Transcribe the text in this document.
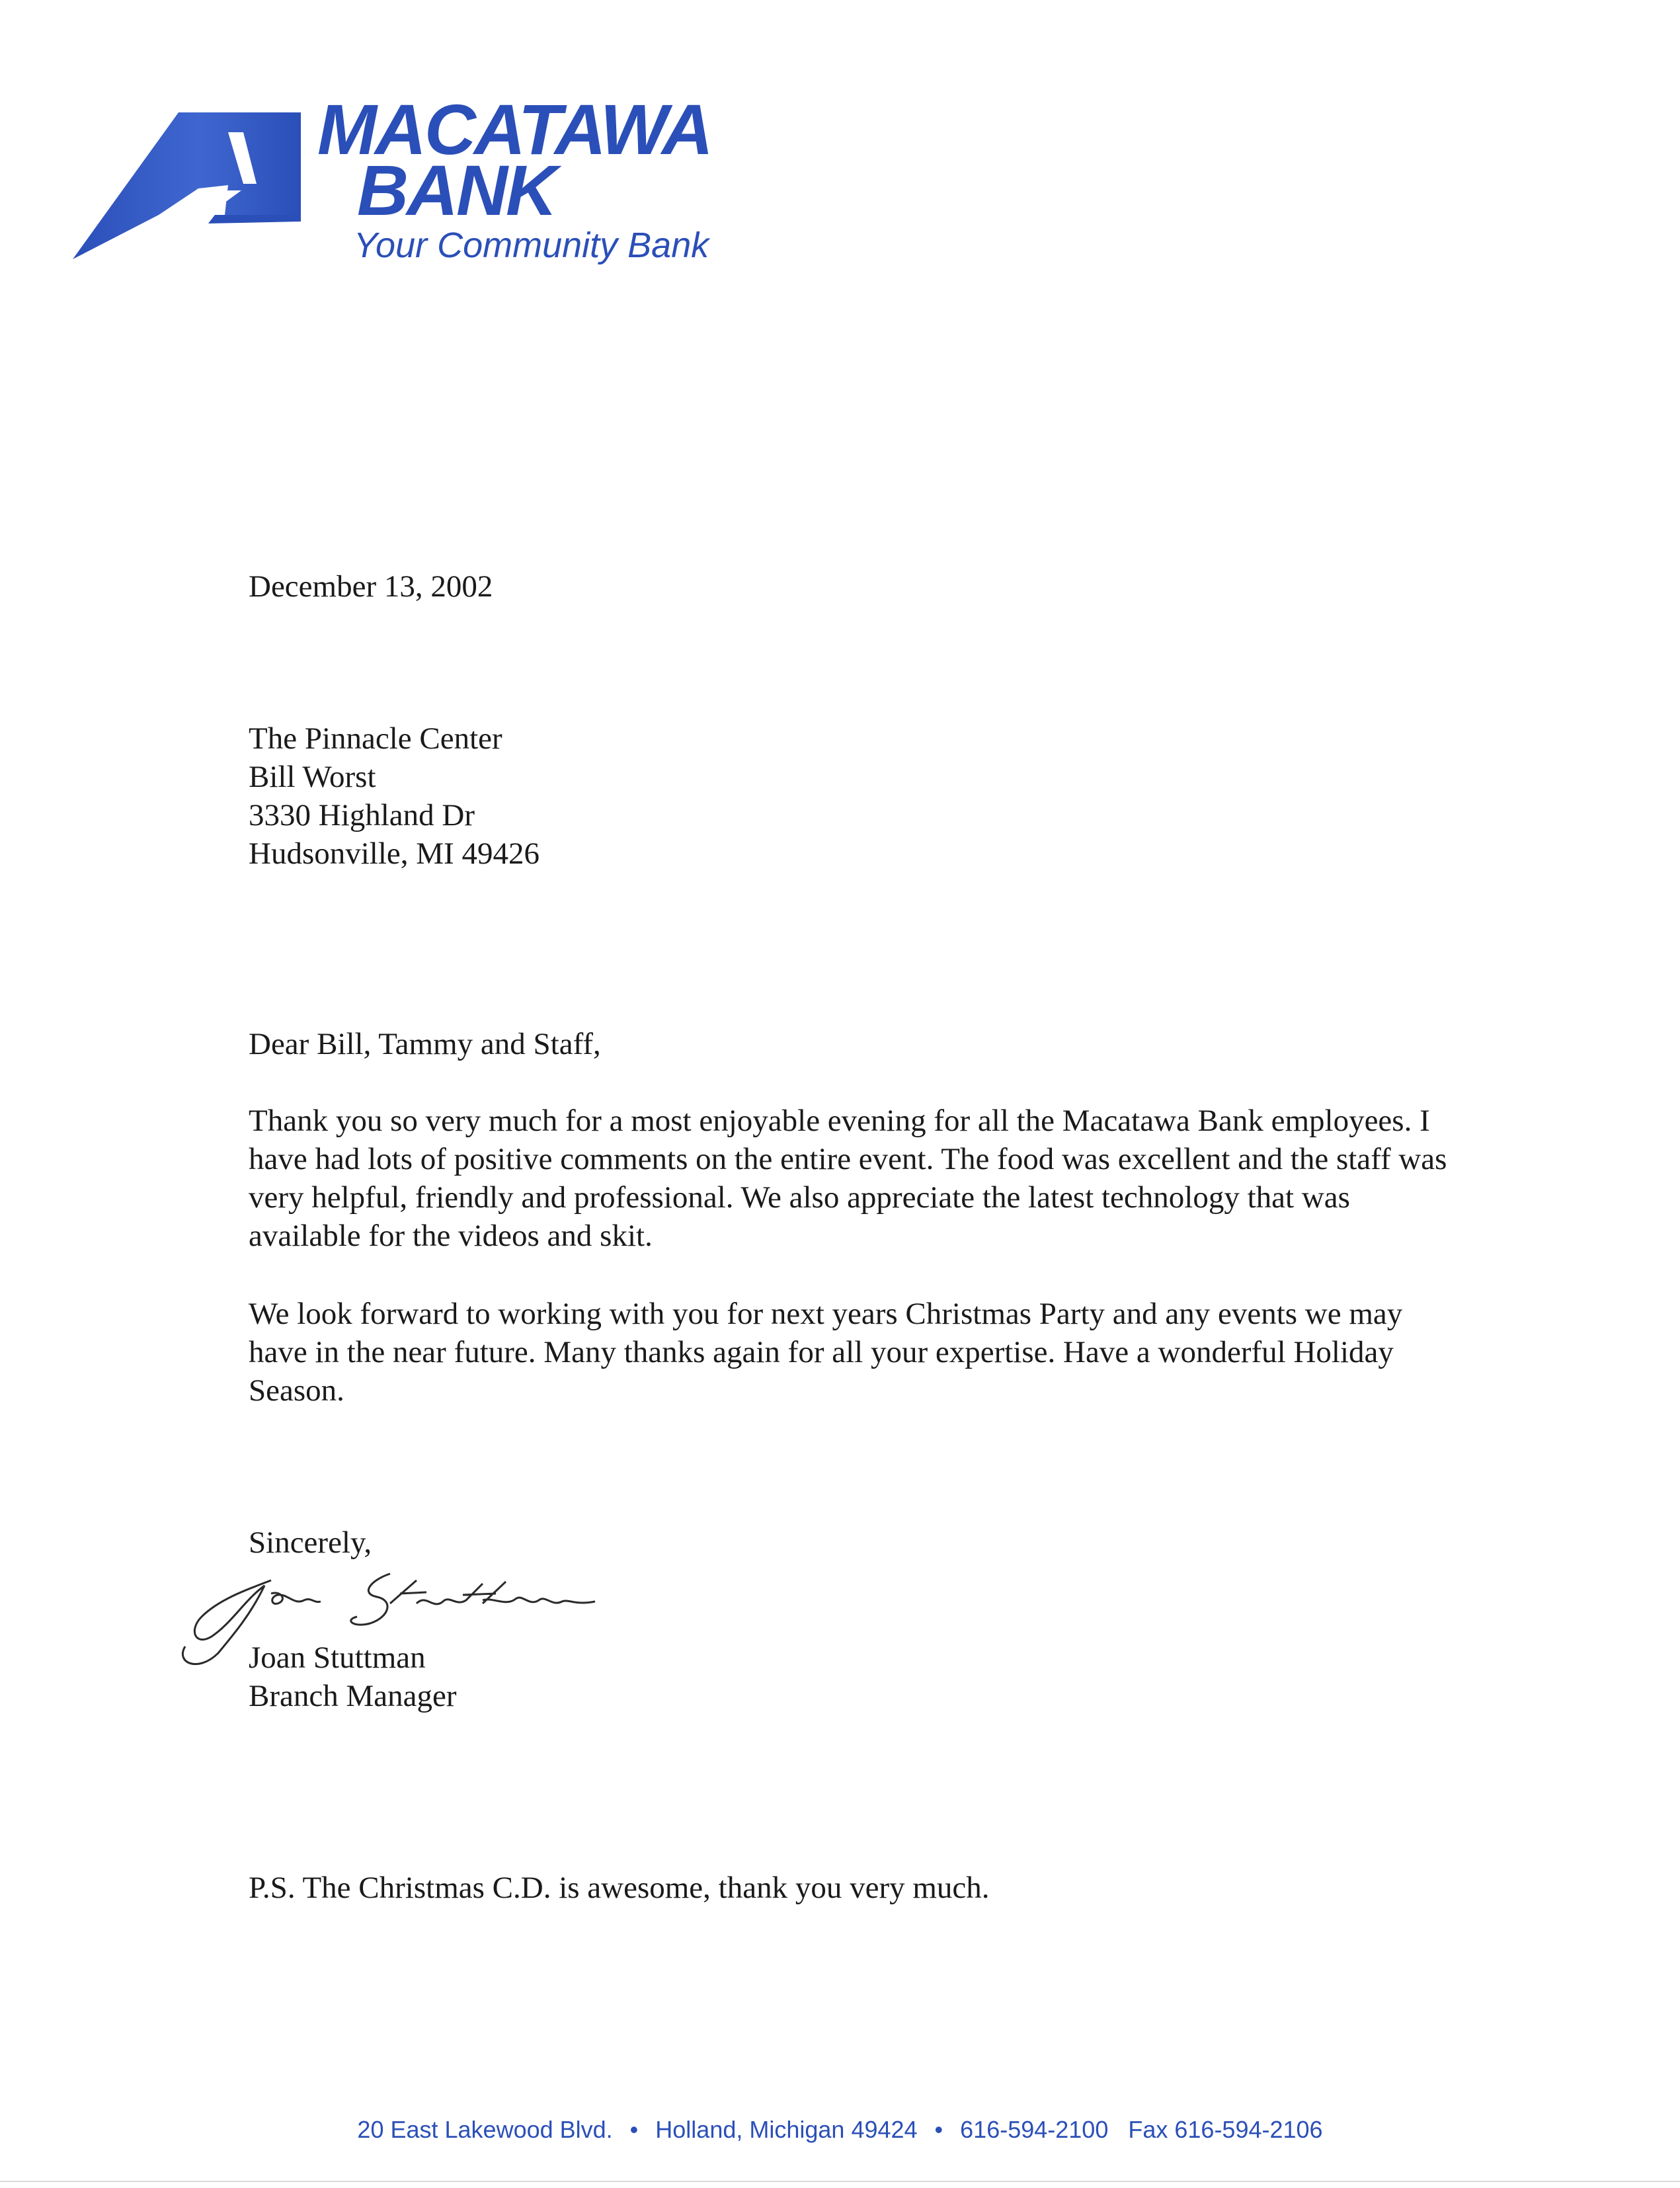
MACATAWA
BANK
Your Community Bank
December 13, 2002
The Pinnacle Center
Bill Worst
3330 Highland Dr
Hudsonville, MI 49426
Dear Bill, Tammy and Staff,
Thank you so very much for a most enjoyable evening for all the Macatawa Bank employees. I have had lots of positive comments on the entire event. The food was excellent and the staff was very helpful, friendly and professional. We also appreciate the latest technology that was available for the videos and skit.
We look forward to working with you for next years Christmas Party and any events we may have in the near future. Many thanks again for all your expertise. Have a wonderful Holiday Season.
Sincerely,
Joan Stuttman
Branch Manager
P.S. The Christmas C.D. is awesome, thank you very much.
20 East Lakewood Blvd. • Holland, Michigan 49424 • 616-594-2100 Fax 616-594-2106
